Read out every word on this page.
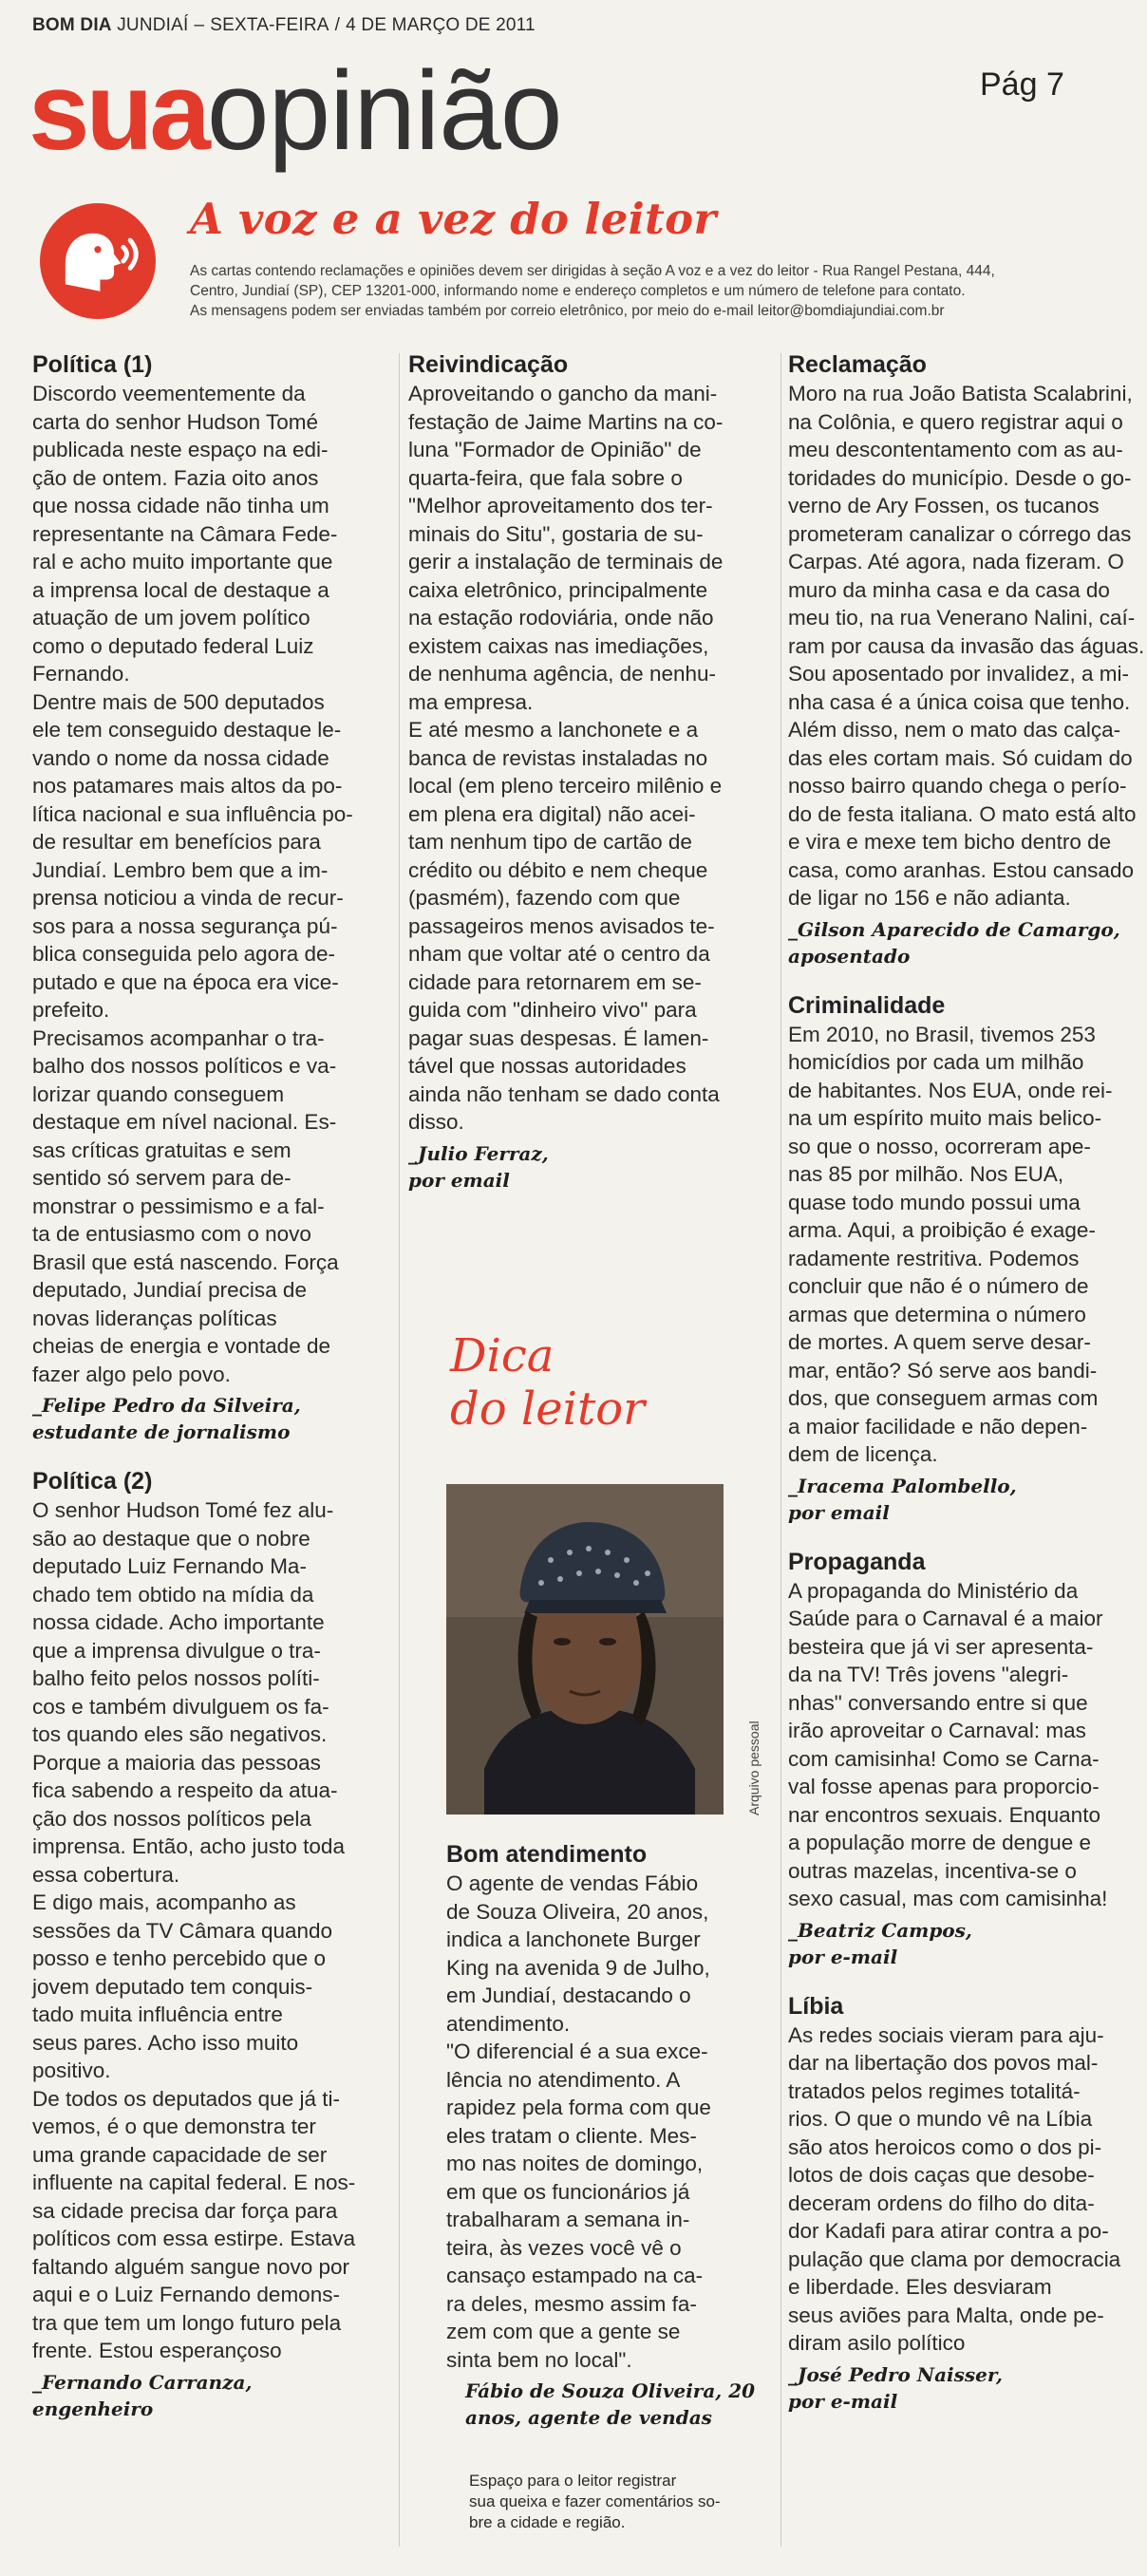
BOM DIA JUNDIAÍ – SEXTA-FEIRA / 4 DE MARÇO DE 2011
Pág 7
suaopinião
A voz e a vez do leitor
As cartas contendo reclamações e opiniões devem ser dirigidas à seção A voz e a vez do leitor - Rua Rangel Pestana, 444,
Centro, Jundiaí (SP), CEP 13201-000, informando nome e endereço completos e um número de telefone para contato.
As mensagens podem ser enviadas também por correio eletrônico, por meio do e-mail leitor@bomdiajundiai.com.br
Política (1)
Discordo veementemente da
carta do senhor Hudson Tomé
publicada neste espaço na edi-
ção de ontem. Fazia oito anos
que nossa cidade não tinha um
representante na Câmara Fede-
ral e acho muito importante que
a imprensa local de destaque a
atuação de um jovem político
como o deputado federal Luiz
Fernando.
Dentre mais de 500 deputados
ele tem conseguido destaque le-
vando o nome da nossa cidade
nos patamares mais altos da po-
lítica nacional e sua influência po-
de resultar em benefícios para
Jundiaí. Lembro bem que a im-
prensa noticiou a vinda de recur-
sos para a nossa segurança pú-
blica conseguida pelo agora de-
putado e que na época era vice-
prefeito.
Precisamos acompanhar o tra-
balho dos nossos políticos e va-
lorizar quando conseguem
destaque em nível nacional. Es-
sas críticas gratuitas e sem
sentido só servem para de-
monstrar o pessimismo e a fal-
ta de entusiasmo com o novo
Brasil que está nascendo. Força
deputado, Jundiaí precisa de
novas lideranças políticas
cheias de energia e vontade de
fazer algo pelo povo.
_Felipe Pedro da Silveira,
estudante de jornalismo
Política (2)
O senhor Hudson Tomé fez alu-
são ao destaque que o nobre
deputado Luiz Fernando Ma-
chado tem obtido na mídia da
nossa cidade. Acho importante
que a imprensa divulgue o tra-
balho feito pelos nossos políti-
cos e também divulguem os fa-
tos quando eles são negativos.
Porque a maioria das pessoas
fica sabendo a respeito da atua-
ção dos nossos políticos pela
imprensa. Então, acho justo toda
essa cobertura.
E digo mais, acompanho as
sessões da TV Câmara quando
posso e tenho percebido que o
jovem deputado tem conquis-
tado muita influência entre
seus pares. Acho isso muito
positivo.
De todos os deputados que já ti-
vemos, é o que demonstra ter
uma grande capacidade de ser
influente na capital federal. E nos-
sa cidade precisa dar força para
políticos com essa estirpe. Estava
faltando alguém sangue novo por
aqui e o Luiz Fernando demons-
tra que tem um longo futuro pela
frente. Estou esperançoso
_Fernando Carranza,
engenheiro
Reivindicação
Aproveitando o gancho da mani-
festação de Jaime Martins na co-
luna "Formador de Opinião" de
quarta-feira, que fala sobre o
"Melhor aproveitamento dos ter-
minais do Situ", gostaria de su-
gerir a instalação de terminais de
caixa eletrônico, principalmente
na estação rodoviária, onde não
existem caixas nas imediações,
de nenhuma agência, de nenhu-
ma empresa.
E até mesmo a lanchonete e a
banca de revistas instaladas no
local (em pleno terceiro milênio e
em plena era digital) não acei-
tam nenhum tipo de cartão de
crédito ou débito e nem cheque
(pasmém), fazendo com que
passageiros menos avisados te-
nham que voltar até o centro da
cidade para retornarem em se-
guida com "dinheiro vivo" para
pagar suas despesas. É lamen-
tável que nossas autoridades
ainda não tenham se dado conta
disso.
_Julio Ferraz,
por email
Dica
do leitor
Arquivo pessoal
Bom atendimento
O agente de vendas Fábio
de Souza Oliveira, 20 anos,
indica a lanchonete Burger
King na avenida 9 de Julho,
em Jundiaí, destacando o
atendimento.
"O diferencial é a sua exce-
lência no atendimento. A
rapidez pela forma com que
eles tratam o cliente. Mes-
mo nas noites de domingo,
em que os funcionários já
trabalharam a semana in-
teira, às vezes você vê o
cansaço estampado na ca-
ra deles, mesmo assim fa-
zem com que a gente se
sinta bem no local".
Fábio de Souza Oliveira, 20
anos, agente de vendas
Espaço para o leitor registrar
sua queixa e fazer comentários so-
bre a cidade e região.
Reclamação
Moro na rua João Batista Scalabrini,
na Colônia, e quero registrar aqui o
meu descontentamento com as au-
toridades do município. Desde o go-
verno de Ary Fossen, os tucanos
prometeram canalizar o córrego das
Carpas. Até agora, nada fizeram. O
muro da minha casa e da casa do
meu tio, na rua Venerano Nalini, caí-
ram por causa da invasão das águas.
Sou aposentado por invalidez, a mi-
nha casa é a única coisa que tenho.
Além disso, nem o mato das calça-
das eles cortam mais. Só cuidam do
nosso bairro quando chega o perío-
do de festa italiana. O mato está alto
e vira e mexe tem bicho dentro de
casa, como aranhas. Estou cansado
de ligar no 156 e não adianta.
_Gilson Aparecido de Camargo,
aposentado
Criminalidade
Em 2010, no Brasil, tivemos 253
homicídios por cada um milhão
de habitantes. Nos EUA, onde rei-
na um espírito muito mais belico-
so que o nosso, ocorreram ape-
nas 85 por milhão. Nos EUA,
quase todo mundo possui uma
arma. Aqui, a proibição é exage-
radamente restritiva. Podemos
concluir que não é o número de
armas que determina o número
de mortes. A quem serve desar-
mar, então? Só serve aos bandi-
dos, que conseguem armas com
a maior facilidade e não depen-
dem de licença.
_Iracema Palombello,
por email
Propaganda
A propaganda do Ministério da
Saúde para o Carnaval é a maior
besteira que já vi ser apresenta-
da na TV! Três jovens "alegri-
nhas" conversando entre si que
irão aproveitar o Carnaval: mas
com camisinha! Como se Carna-
val fosse apenas para proporcio-
nar encontros sexuais. Enquanto
a população morre de dengue e
outras mazelas, incentiva-se o
sexo casual, mas com camisinha!
_Beatriz Campos,
por e-mail
Líbia
As redes sociais vieram para aju-
dar na libertação dos povos mal-
tratados pelos regimes totalitá-
rios. O que o mundo vê na Líbia
são atos heroicos como o dos pi-
lotos de dois caças que desobe-
deceram ordens do filho do dita-
dor Kadafi para atirar contra a po-
pulação que clama por democracia
e liberdade. Eles desviaram
seus aviões para Malta, onde pe-
diram asilo político
_José Pedro Naisser,
por e-mail
